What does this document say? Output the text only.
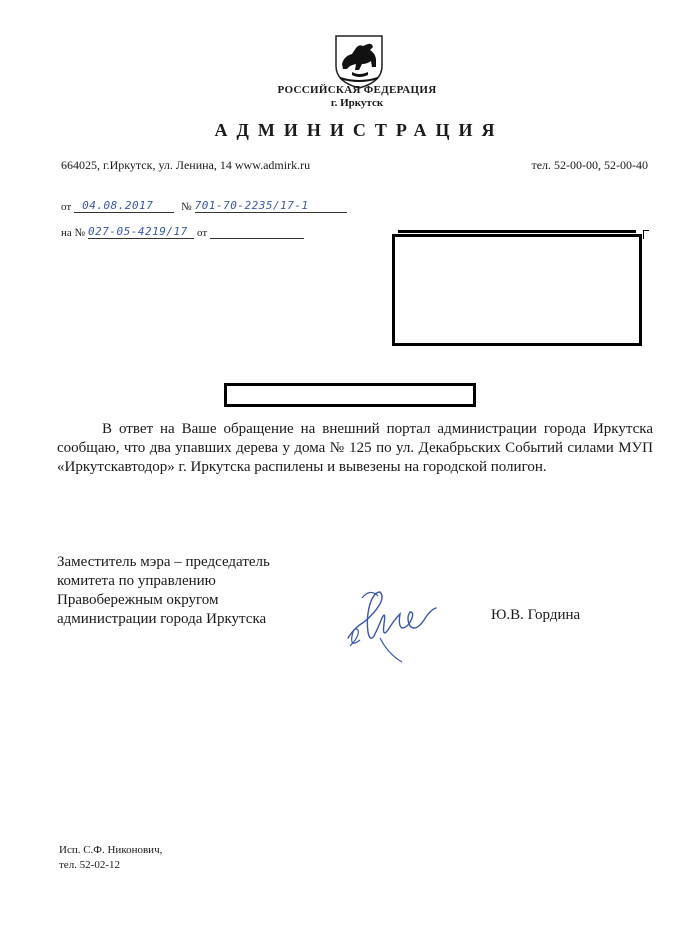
РОССИЙСКАЯ ФЕДЕРАЦИЯ
г. Иркутск
АДМИНИСТРАЦИЯ
664025, г.Иркутск, ул. Ленина, 14 www.admirk.ru	тел. 52-00-00, 52-00-40
от	04.08.2017	№ 701-70-2235/17-1
на № 027-05-4219/17 от
В ответ на Ваше обращение на внешний портал администрации города Иркутска сообщаю, что два упавших дерева у дома № 125 по ул. Декабрьских Событий силами МУП «Иркутскавтодор» г. Иркутска распилены и вывезены на городской полигон.
Заместитель мэра – председатель
комитета по управлению
Правобережным округом
администрации города Иркутска	Ю.В. Гордина
Исп. С.Ф. Никонович,
тел. 52-02-12
